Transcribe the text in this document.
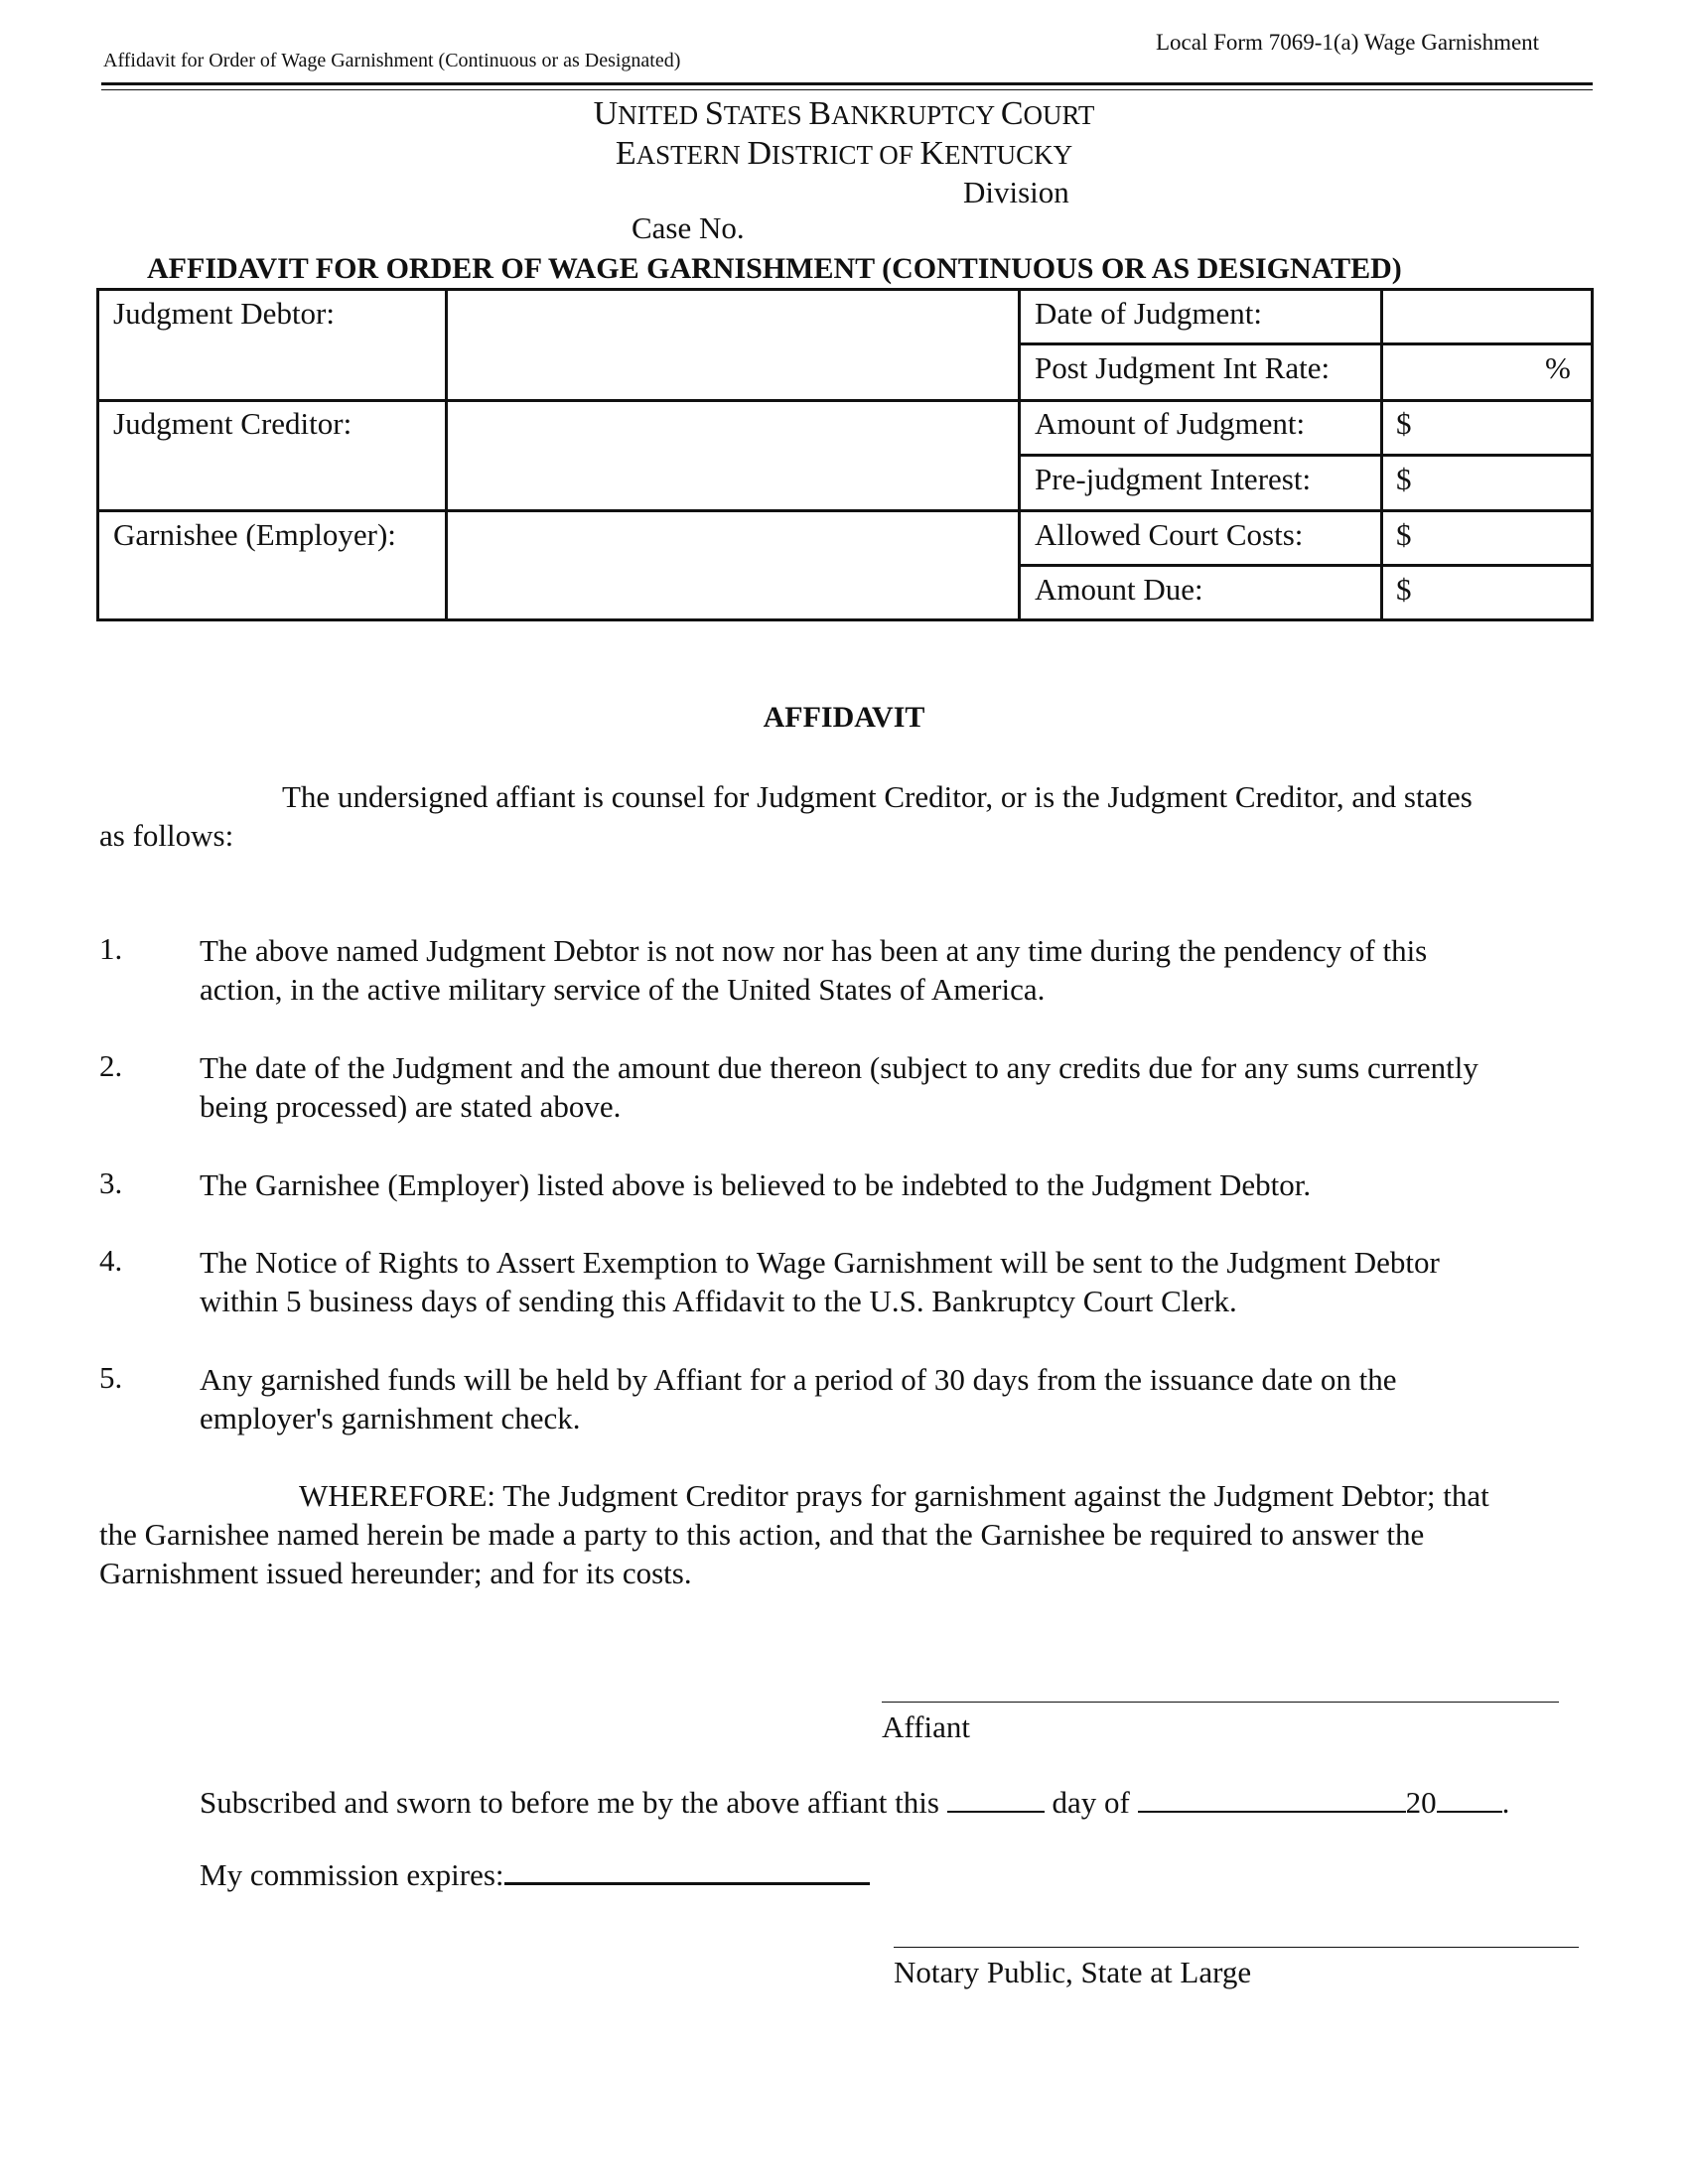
Affidavit for Order of Wage Garnishment (Continuous or as Designated)
Local Form 7069-1(a) Wage Garnishment
UNITED STATES BANKRUPTCY COURT
EASTERN DISTRICT OF KENTUCKY
Division
Case No.
AFFIDAVIT FOR ORDER OF WAGE GARNISHMENT (CONTINUOUS OR AS DESIGNATED)
Judgment Debtor:
Judgment Creditor:
Garnishee (Employer):
Date of Judgment:
Post Judgment Int Rate:	%
Amount of Judgment:	$
Pre-judgment Interest:	$
Allowed Court Costs:	$
Amount Due:	$
AFFIDAVIT
The undersigned affiant is counsel for Judgment Creditor, or is the Judgment Creditor, and states
as follows:
1.	The above named Judgment Debtor is not now nor has been at any time during the pendency of this
action, in the active military service of the United States of America.
2.	The date of the Judgment and the amount due thereon (subject to any credits due for any sums currently
being processed) are stated above.
3.	The Garnishee (Employer) listed above is believed to be indebted to the Judgment Debtor.
4.	The Notice of Rights to Assert Exemption to Wage Garnishment will be sent to the Judgment Debtor
within 5 business days of sending this Affidavit to the U.S. Bankruptcy Court Clerk.
5.	Any garnished funds will be held by Affiant for a period of 30 days from the issuance date on the
employer's garnishment check.
WHEREFORE: The Judgment Creditor prays for garnishment against the Judgment Debtor; that
the Garnishee named herein be made a party to this action, and that the Garnishee be required to answer the
Garnishment issued hereunder; and for its costs.
Affiant
Subscribed and sworn to before me by the above affiant this	day of	20 .
My commission expires:
Notary Public, State at Large
